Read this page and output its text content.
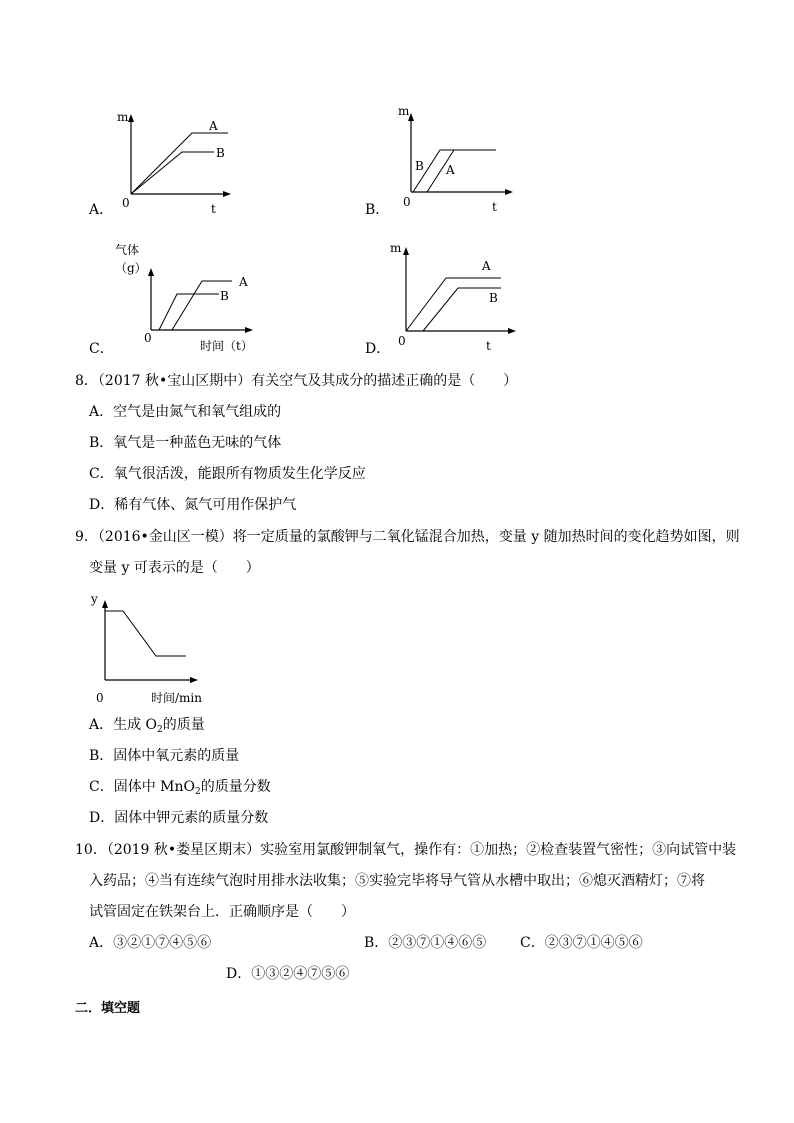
m
0	t
A
B
A．
m
0	t
B A
B．
气体
（g）
0
时间（t）
A
B
C．
m
0	t
A
B
D．
8．（2017 秋•宝山区期中）有关空气及其成分的描述正确的是（　　）
A．空气是由氮气和氧气组成的
B．氧气是一种蓝色无味的气体
C．氧气很活泼，能跟所有物质发生化学反应
D．稀有气体、氮气可用作保护气
9．（2016•金山区一模）将一定质量的氯酸钾与二氧化锰混合加热，变量 y 随加热时间的变化趋势如图，则
变量 y 可表示的是（　　）
y
0	时间/min
A．生成 $O_2$的质量
B．固体中氧元素的质量
C．固体中 MnO$_2$的质量分数
D．固体中钾元素的质量分数
10．（2019 秋•娄星区期末）实验室用氯酸钾制氧气，操作有：①加热；②检查装置气密性；③向试管中装
入药品；④当有连续气泡时用排水法收集；⑤实验完毕将导气管从水槽中取出；⑥熄灭酒精灯；⑦将
试管固定在铁架台上．正确顺序是（　　）
A．③②①⑦④⑤⑥	B．②③⑦①④⑥⑤ C．②③⑦①④⑤⑥
D．①③②④⑦⑤⑥
二．填空题
